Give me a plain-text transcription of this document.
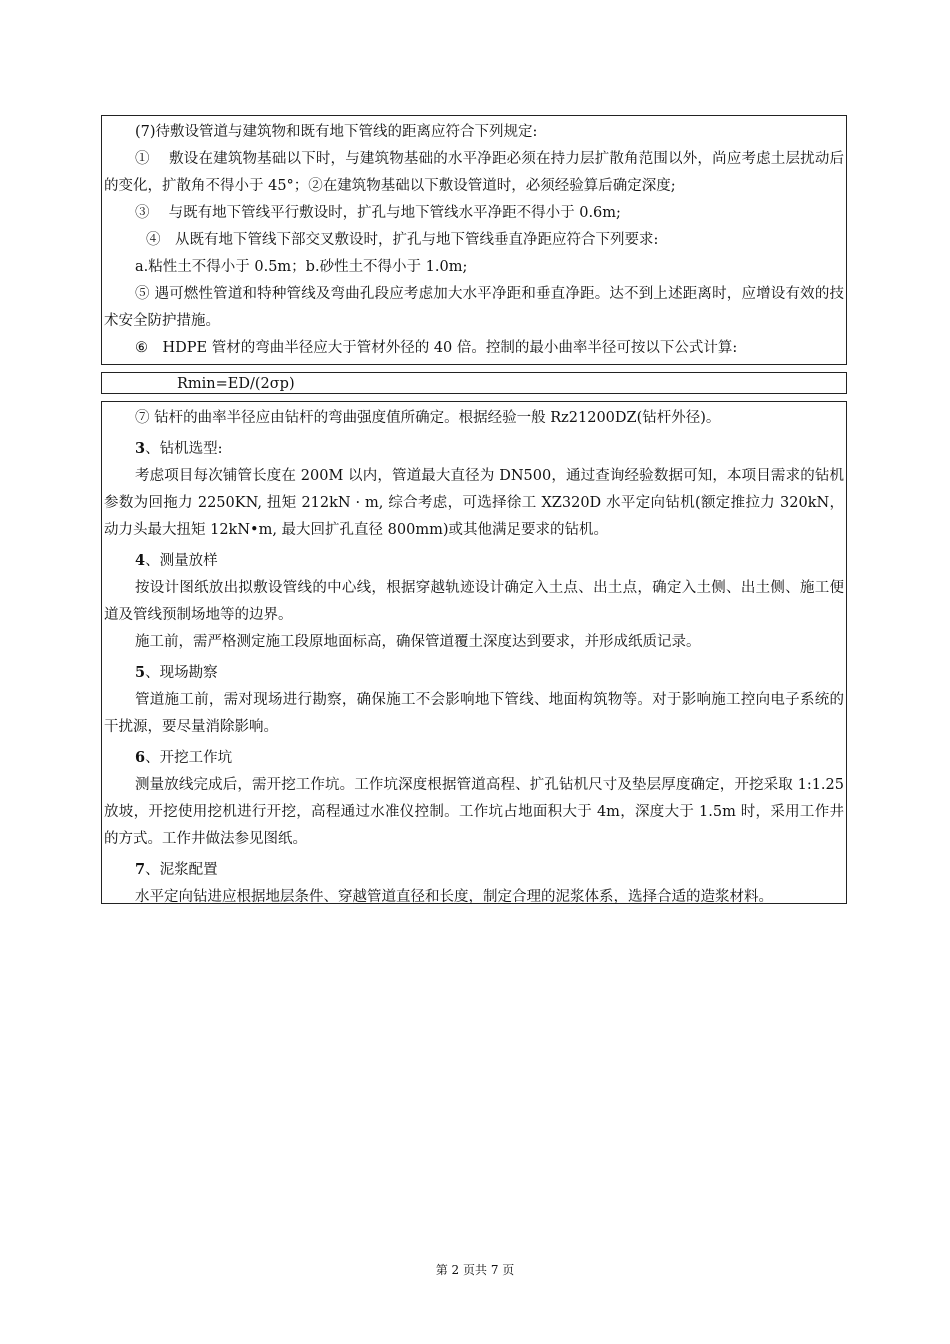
(7)待敷设管道与建筑物和既有地下管线的距离应符合下列规定:

①　 敷设在建筑物基础以下时，与建筑物基础的水平净距必须在持力层扩散角范围以外，尚应考虑土层扰动后的变化，扩散角不得小于 45°；②在建筑物基础以下敷设管道时，必须经验算后确定深度;

③　 与既有地下管线平行敷设时，扩孔与地下管线水平净距不得小于 0.6m;

④　从既有地下管线下部交叉敷设时，扩孔与地下管线垂直净距应符合下列要求:

a.粘性土不得小于 0.5m；b.砂性土不得小于 1.0m;

⑤ 遇可燃性管道和特种管线及弯曲孔段应考虑加大水平净距和垂直净距。达不到上述距离时，应增设有效的技术安全防护措施。

⑥　HDPE 管材的弯曲半径应大于管材外径的 40 倍。控制的最小曲率半径可按以下公式计算:

Rmin=ED/(2σp)

⑦ 钻杆的曲率半径应由钻杆的弯曲强度值所确定。根据经验一般 Rz21200DZ(钻杆外径)。

3、钻机选型:

考虑项目每次铺管长度在 200M 以内，管道最大直径为 DN500，通过查询经验数据可知，本项目需求的钻机参数为回拖力 2250KN, 扭矩 212kN · m, 综合考虑，可选择徐工 XZ320D 水平定向钻机(额定推拉力 320kN，动力头最大扭矩 12kN•m, 最大回扩孔直径 800mm)或其他满足要求的钻机。

4、测量放样

按设计图纸放出拟敷设管线的中心线，根据穿越轨迹设计确定入土点、出土点，确定入土侧、出土侧、施工便道及管线预制场地等的边界。

施工前，需严格测定施工段原地面标高，确保管道覆土深度达到要求，并形成纸质记录。

5、现场勘察

管道施工前，需对现场进行勘察，确保施工不会影响地下管线、地面构筑物等。对于影响施工控向电子系统的干扰源，要尽量消除影响。

6、开挖工作坑

测量放线完成后，需开挖工作坑。工作坑深度根据管道高程、扩孔钻机尺寸及垫层厚度确定，开挖采取 1:1.25 放坡，开挖使用挖机进行开挖，高程通过水准仪控制。工作坑占地面积大于 4m，深度大于 1.5m 时，采用工作井的方式。工作井做法参见图纸。

7、泥浆配置

水平定向钻进应根据地层条件、穿越管道直径和长度，制定合理的泥浆体系，选择合适的造浆材料。

第 2 页共 7 页
